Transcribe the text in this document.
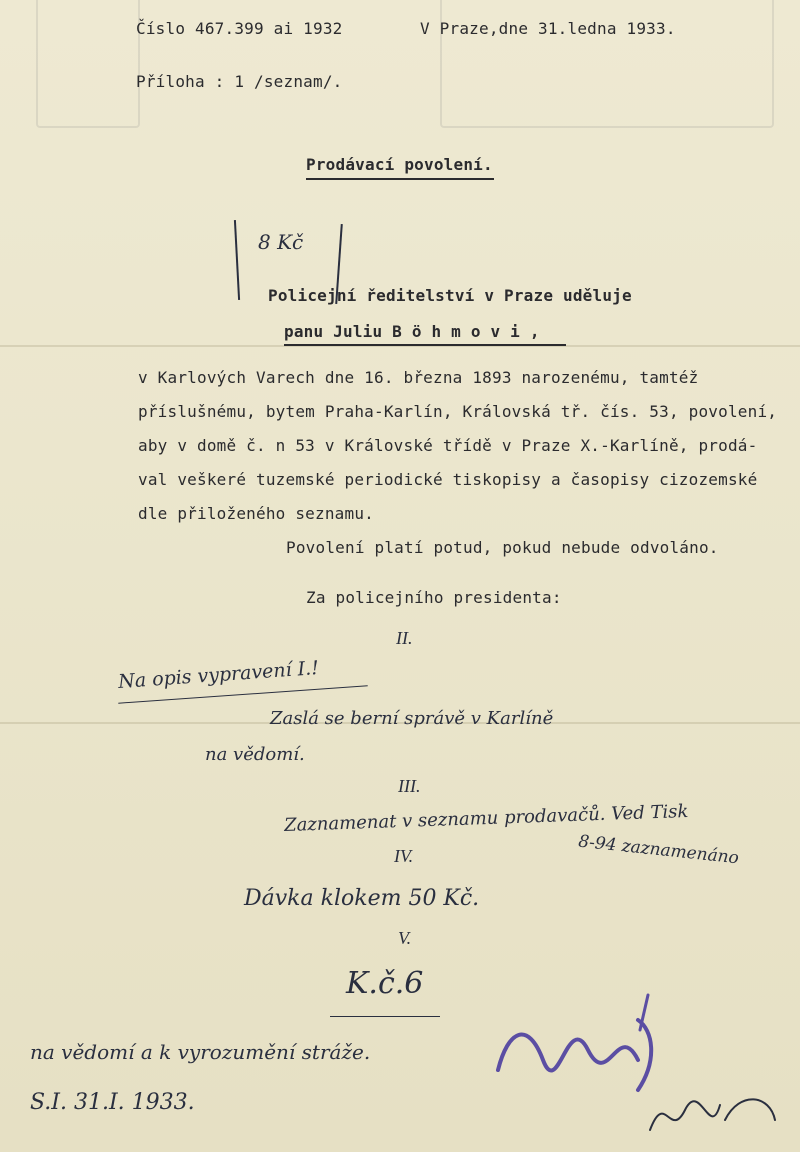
Číslo 467.399 ai 1932	V Praze,dne 31.ledna 1933.
Příloha : 1 /seznam/.
Prodávací povolení.
8 Kč
Policejní ředitelství v Praze uděluje
panu Juliu B ö h m o v i ,
v Karlových Varech dne 16. března 1893 narozenému, tamtéž
příslušnému, bytem Praha-Karlín, Královská tř. čís. 53, povolení,
aby v domě č. n 53 v Královské třídě v Praze X.-Karlíně, prodá-
val veškeré tuzemské periodické tiskopisy a časopisy cizozemské
dle přiloženého seznamu.
Povolení platí potud, pokud nebude odvoláno.
Za policejního presidenta:
II.
Na opis vypravení I.!
Zaslá se berní správě v Karlíně
na vědomí.
III.
Zaznamenat v seznamu prodavačů. Ved Tisk
8-94 zaznamenáno
IV.
Dávka klokem 50 Kč.
V.
K.č.6
na vědomí a k vyrozumění stráže.
S.I. 31.I. 1933.
